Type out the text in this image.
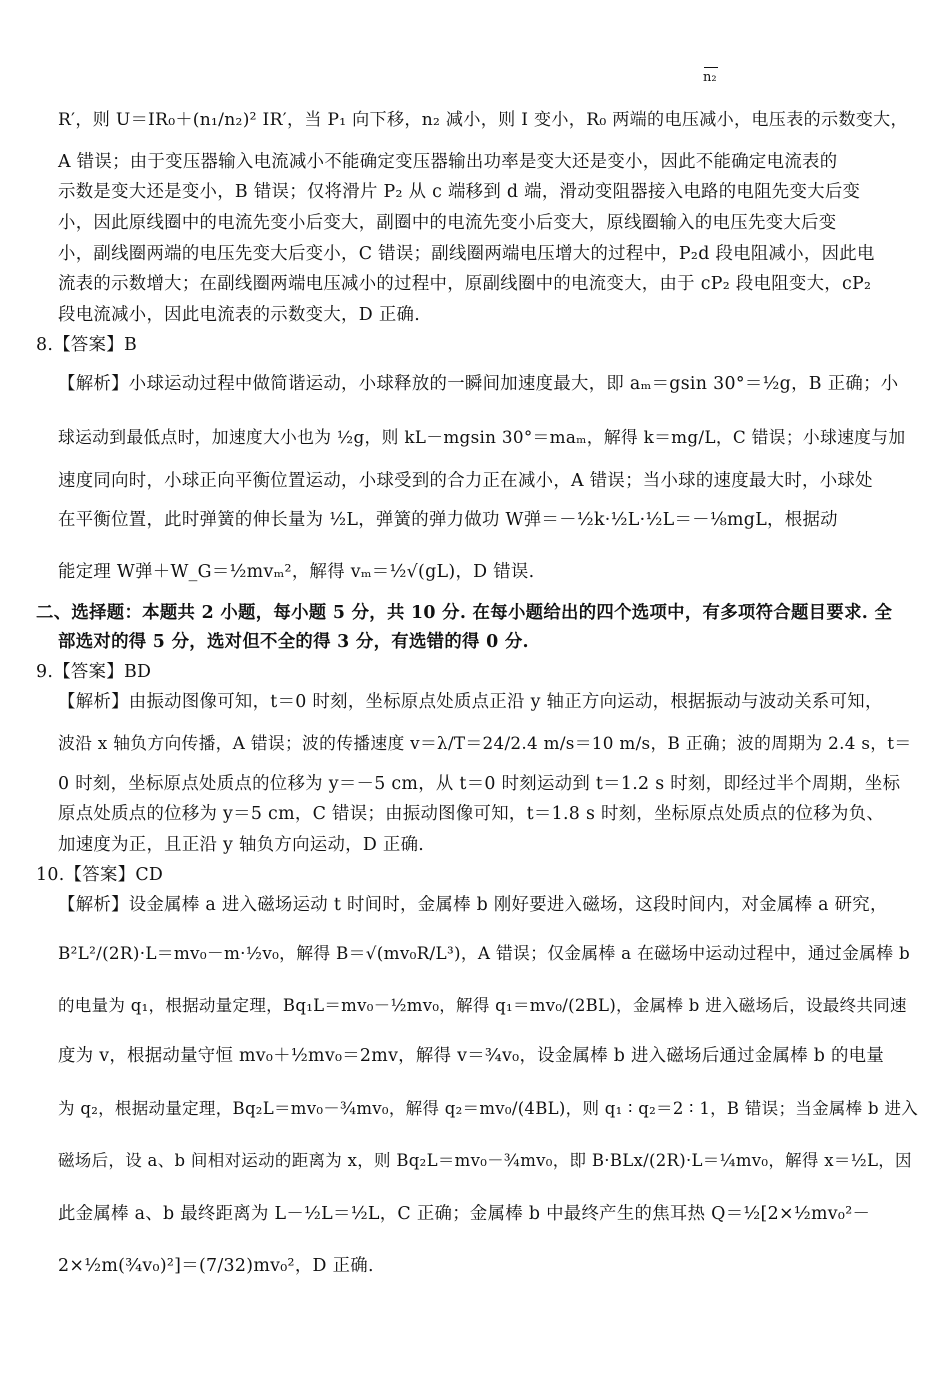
n₂
R′，则 U＝IR₀＋(n₁/n₂)² IR′，当 P₁ 向下移，n₂ 减小，则 I 变小，R₀ 两端的电压减小，电压表的示数变大，
A 错误；由于变压器输入电流减小不能确定变压器输出功率是变大还是变小，因此不能确定电流表的
示数是变大还是变小，B 错误；仅将滑片 P₂ 从 c 端移到 d 端，滑动变阻器接入电路的电阻先变大后变
小，因此原线圈中的电流先变小后变大，副圈中的电流先变小后变大，原线圈输入的电压先变大后变
小，副线圈两端的电压先变大后变小，C 错误；副线圈两端电压增大的过程中，P₂d 段电阻减小，因此电
流表的示数增大；在副线圈两端电压减小的过程中，原副线圈中的电流变大，由于 cP₂ 段电阻变大，cP₂
段电流减小，因此电流表的示数变大，D 正确.
8.【答案】B
【解析】小球运动过程中做简谐运动，小球释放的一瞬间加速度最大，即 aₘ＝gsin 30°＝½g，B 正确；小
球运动到最低点时，加速度大小也为 ½g，则 kL－mgsin 30°＝maₘ，解得 k＝mg/L，C 错误；小球速度与加
速度同向时，小球正向平衡位置运动，小球受到的合力正在减小，A 错误；当小球的速度最大时，小球处
在平衡位置，此时弹簧的伸长量为 ½L，弹簧的弹力做功 W弹＝－½k·½L·½L＝－⅛mgL，根据动
能定理 W弹＋W_G＝½mvₘ²，解得 vₘ＝½√(gL)，D 错误.
二、选择题：本题共 2 小题，每小题 5 分，共 10 分. 在每小题给出的四个选项中，有多项符合题目要求. 全
部选对的得 5 分，选对但不全的得 3 分，有选错的得 0 分.
9.【答案】BD
【解析】由振动图像可知，t＝0 时刻，坐标原点处质点正沿 y 轴正方向运动，根据振动与波动关系可知，
波沿 x 轴负方向传播，A 错误；波的传播速度 v＝λ/T＝24/2.4 m/s＝10 m/s，B 正确；波的周期为 2.4 s，t＝
0 时刻，坐标原点处质点的位移为 y＝－5 cm，从 t＝0 时刻运动到 t＝1.2 s 时刻，即经过半个周期，坐标
原点处质点的位移为 y＝5 cm，C 错误；由振动图像可知，t＝1.8 s 时刻，坐标原点处质点的位移为负、
加速度为正，且正沿 y 轴负方向运动，D 正确.
10.【答案】CD
【解析】设金属棒 a 进入磁场运动 t 时间时，金属棒 b 刚好要进入磁场，这段时间内，对金属棒 a 研究，
B²L²/(2R)·L＝mv₀－m·½v₀，解得 B＝√(mv₀R/L³)，A 错误；仅金属棒 a 在磁场中运动过程中，通过金属棒 b
的电量为 q₁，根据动量定理，Bq₁L＝mv₀－½mv₀，解得 q₁＝mv₀/(2BL)，金属棒 b 进入磁场后，设最终共同速
度为 v，根据动量守恒 mv₀＋½mv₀＝2mv，解得 v＝¾v₀，设金属棒 b 进入磁场后通过金属棒 b 的电量
为 q₂，根据动量定理，Bq₂L＝mv₀－¾mv₀，解得 q₂＝mv₀/(4BL)，则 q₁ ∶ q₂＝2 ∶ 1，B 错误；当金属棒 b 进入
磁场后，设 a、b 间相对运动的距离为 x，则 Bq₂L＝mv₀－¾mv₀，即 B·BLx/(2R)·L＝¼mv₀，解得 x＝½L，因
此金属棒 a、b 最终距离为 L－½L＝½L，C 正确；金属棒 b 中最终产生的焦耳热 Q＝½[2×½mv₀²－
2×½m(¾v₀)²]＝(7/32)mv₀²，D 正确.
